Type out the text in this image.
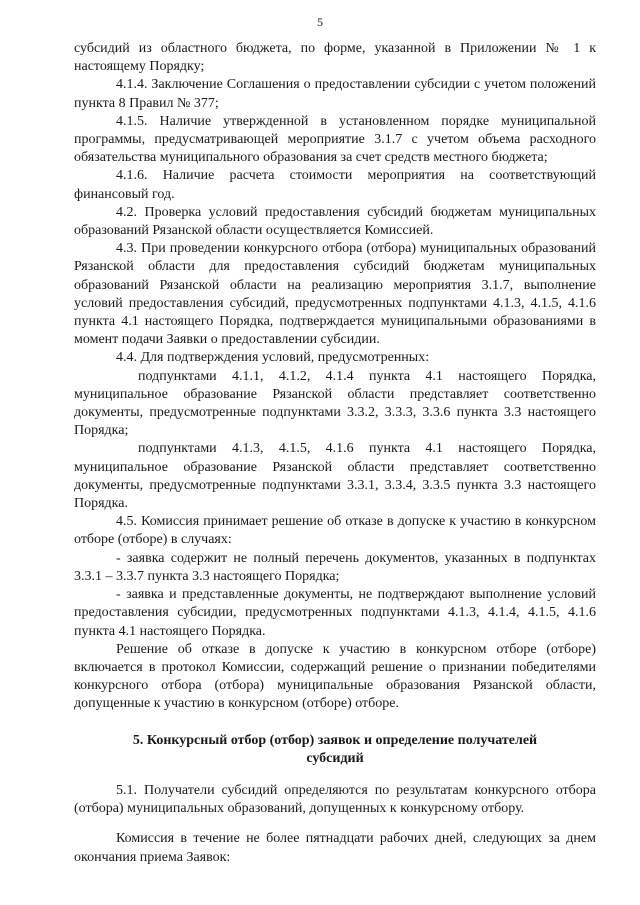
5

субсидий из областного бюджета, по форме, указанной в Приложении № 1 к настоящему Порядку;

4.1.4. Заключение Соглашения о предоставлении субсидии с учетом положений пункта 8 Правил № 377;

4.1.5. Наличие утвержденной в установленном порядке муниципальной программы, предусматривающей мероприятие 3.1.7 с учетом объема расходного обязательства муниципального образования за счет средств местного бюджета;

4.1.6. Наличие расчета стоимости мероприятия на соответствующий финансовый год.

4.2. Проверка условий предоставления субсидий бюджетам муниципальных образований Рязанской области осуществляется Комиссией.

4.3. При проведении конкурсного отбора (отбора) муниципальных образований Рязанской области для предоставления субсидий бюджетам муниципальных образований Рязанской области на реализацию мероприятия 3.1.7, выполнение условий предоставления субсидий, предусмотренных подпунктами 4.1.3, 4.1.5, 4.1.6 пункта 4.1 настоящего Порядка, подтверждается муниципальными образованиями в момент подачи Заявки о предоставлении субсидии.

4.4. Для подтверждения условий, предусмотренных:

подпунктами 4.1.1, 4.1.2, 4.1.4 пункта 4.1 настоящего Порядка, муниципальное образование Рязанской области представляет соответственно документы, предусмотренные подпунктами 3.3.2, 3.3.3, 3.3.6 пункта 3.3 настоящего Порядка;

подпунктами 4.1.3, 4.1.5, 4.1.6 пункта 4.1 настоящего Порядка, муниципальное образование Рязанской области представляет соответственно документы, предусмотренные подпунктами 3.3.1, 3.3.4, 3.3.5 пункта 3.3 настоящего Порядка.

4.5. Комиссия принимает решение об отказе в допуске к участию в конкурсном отборе (отборе) в случаях:

- заявка содержит не полный перечень документов, указанных в подпунктах 3.3.1 – 3.3.7 пункта 3.3 настоящего Порядка;

- заявка и представленные документы, не подтверждают выполнение условий предоставления субсидии, предусмотренных подпунктами 4.1.3, 4.1.4, 4.1.5, 4.1.6 пункта 4.1 настоящего Порядка.

Решение об отказе в допуске к участию в конкурсном отборе (отборе) включается в протокол Комиссии, содержащий решение о признании победителями конкурсного отбора (отбора) муниципальные образования Рязанской области, допущенные к участию в конкурсном (отборе) отборе.

5. Конкурсный отбор (отбор) заявок и определение получателей субсидий

5.1. Получатели субсидий определяются по результатам конкурсного отбора (отбора) муниципальных образований, допущенных к конкурсному отбору.

Комиссия в течение не более пятнадцати рабочих дней, следующих за днем окончания приема Заявок:
